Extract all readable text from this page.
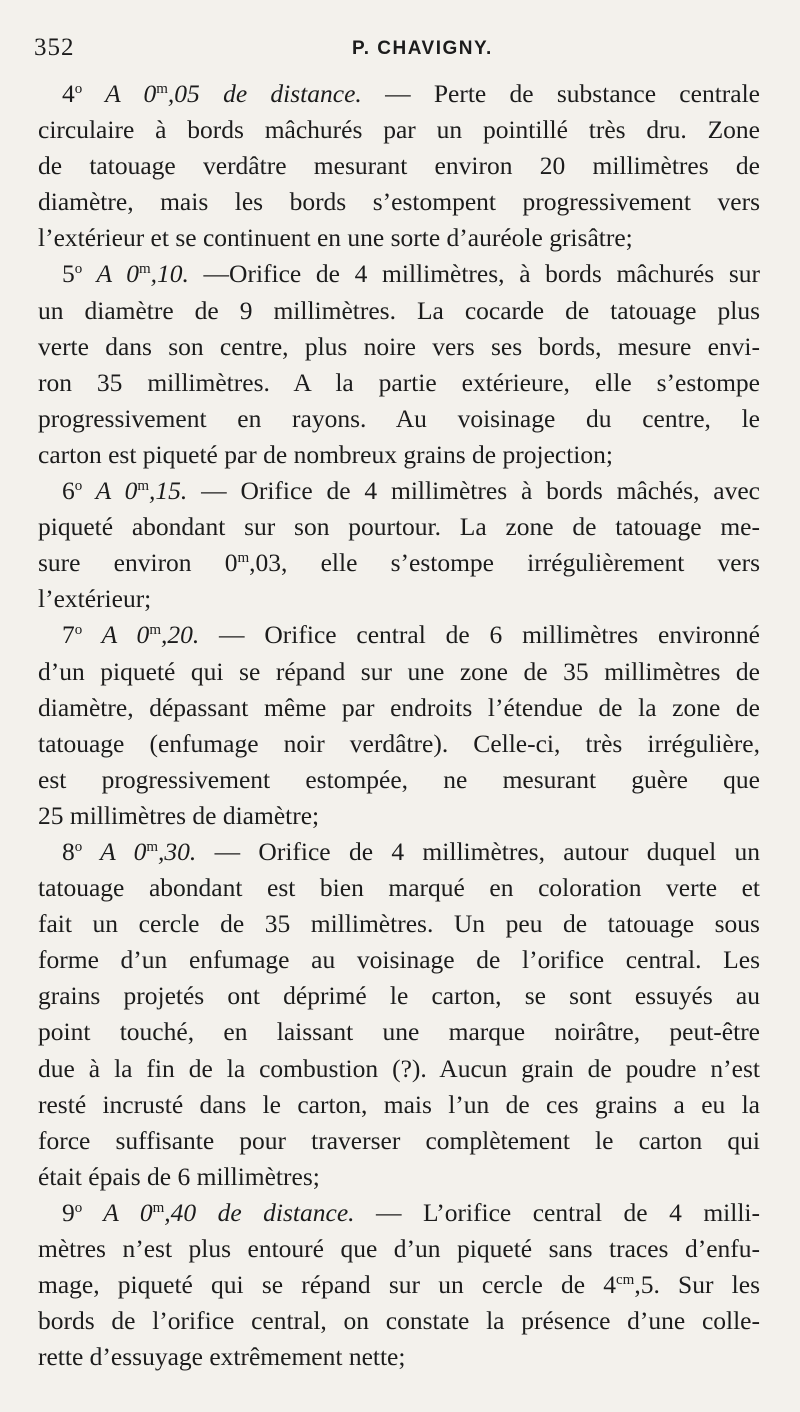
352	P. CHAVIGNY.
4$^o$ A 0$^m$,05 de distance. — Perte de substance centrale
circulaire à bords mâchurés par un pointillé très dru. Zone
de tatouage verdâtre mesurant environ 20 millimètres de
diamètre, mais les bords s’estompent progressivement vers
l’extérieur et se continuent en une sorte d’auréole grisâtre;
5$^o$ A 0$^m$,10. —Orifice de 4 millimètres, à bords mâchurés sur
un diamètre de 9 millimètres. La cocarde de tatouage plus
verte dans son centre, plus noire vers ses bords, mesure envi-
ron 35 millimètres. A la partie extérieure, elle s’estompe
progressivement en rayons. Au voisinage du centre, le
carton est piqueté par de nombreux grains de projection;
6$^o$ A 0$^m$,15. — Orifice de 4 millimètres à bords mâchés, avec
piqueté abondant sur son pourtour. La zone de tatouage me-
sure environ 0$^m$,03, elle s’estompe irrégulièrement vers
l’extérieur;
7$^o$ A 0$^m$,20. — Orifice central de 6 millimètres environné
d’un piqueté qui se répand sur une zone de 35 millimètres de
diamètre, dépassant même par endroits l’étendue de la zone de
tatouage (enfumage noir verdâtre). Celle-ci, très irrégulière,
est progressivement estompée, ne mesurant guère que
25 millimètres de diamètre;
8$^o$ A 0$^m$,30. — Orifice de 4 millimètres, autour duquel un
tatouage abondant est bien marqué en coloration verte et
fait un cercle de 35 millimètres. Un peu de tatouage sous
forme d’un enfumage au voisinage de l’orifice central. Les
grains projetés ont déprimé le carton, se sont essuyés au
point touché, en laissant une marque noirâtre, peut-être
due à la fin de la combustion (?). Aucun grain de poudre n’est
resté incrusté dans le carton, mais l’un de ces grains a eu la
force suffisante pour traverser complètement le carton qui
était épais de 6 millimètres;
9$^o$ A 0$^m$,40 de distance. — L’orifice central de 4 milli-
mètres n’est plus entouré que d’un piqueté sans traces d’enfu-
mage, piqueté qui se répand sur un cercle de $4^{cm},5$. Sur les
bords de l’orifice central, on constate la présence d’une colle-
rette d’essuyage extrêmement nette;
